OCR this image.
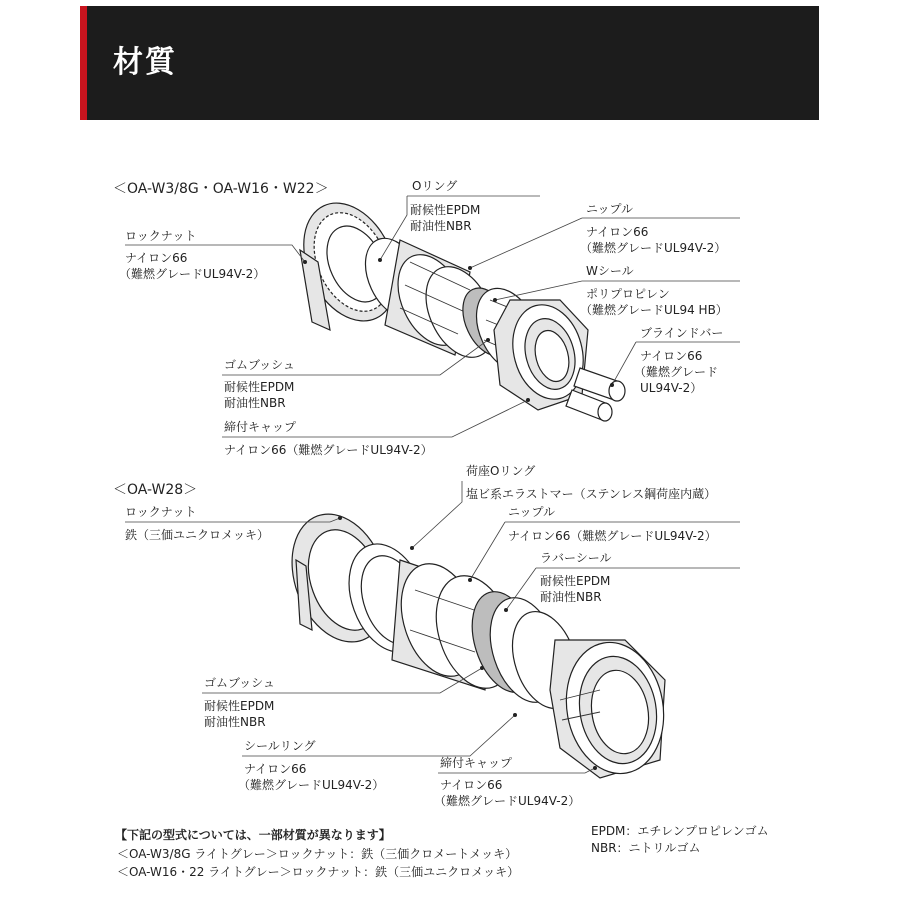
材質
＜OA-W3/8G・OA-W16・W22＞	Oリング
耐候性EPDM
耐油性NBR
ニップル
ナイロン66
（難燃グレードUL94V-2）
ロックナット
ナイロン66
（難燃グレードUL94V-2）	Wシール
ポリプロピレン
（難燃グレードUL94 HB）
ブラインドバー
ナイロン66
（難燃グレード
UL94V-2）
ゴムブッシュ
耐候性EPDM
耐油性NBR
締付キャップ
ナイロン66（難燃グレードUL94V-2）
＜OA-W28＞
荷座Oリング
塩ビ系エラストマー（ステンレス鋼荷座内蔵）
ロックナット
鉄（三価ユニクロメッキ）
ニップル
ナイロン66（難燃グレードUL94V-2）
ラバーシール
耐候性EPDM
耐油性NBR
ゴムブッシュ
耐候性EPDM
耐油性NBR
シールリング
ナイロン66
（難燃グレードUL94V-2）
締付キャップ
ナイロン66
（難燃グレードUL94V-2）
【下記の型式については、一部材質が異なります】
＜OA-W3/8G ライトグレー＞ロックナット：鉄（三価クロメートメッキ）
＜OA-W16・22 ライトグレー＞ロックナット：鉄（三価ユニクロメッキ）
EPDM：エチレンプロピレンゴム
NBR：ニトリルゴム
